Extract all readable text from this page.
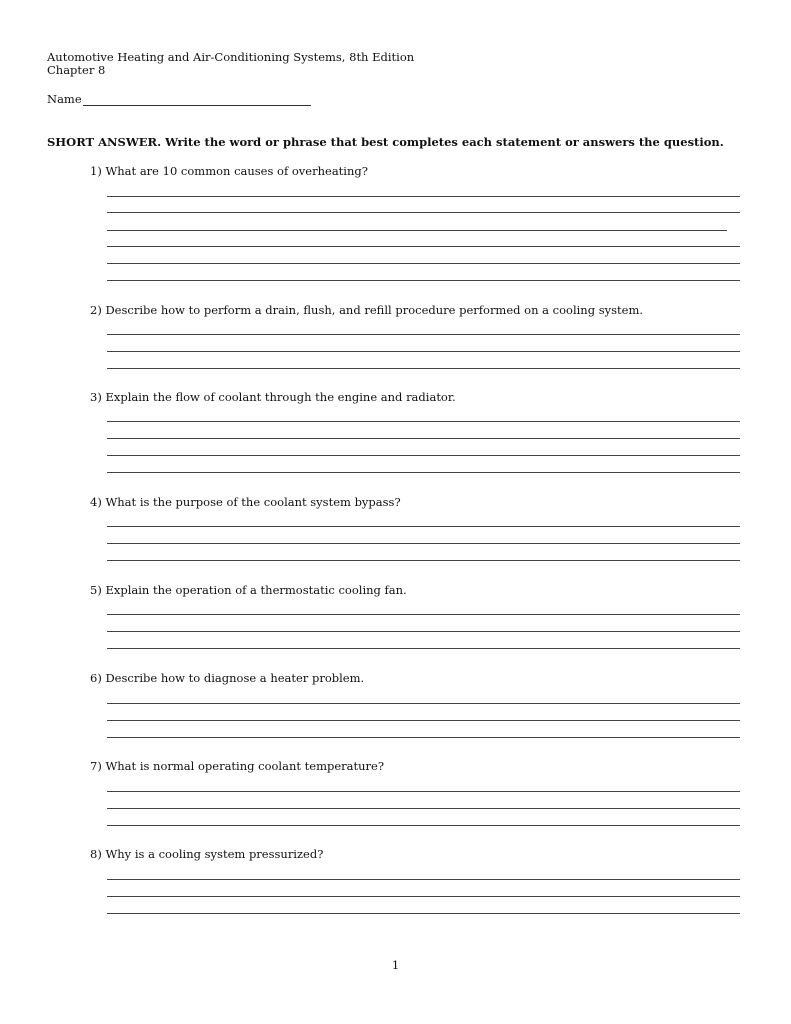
Automotive Heating and Air-Conditioning Systems, 8th Edition
Chapter 8
Name
SHORT ANSWER. Write the word or phrase that best completes each statement or answers the question.
1) What are 10 common causes of overheating?
2) Describe how to perform a drain, flush, and refill procedure performed on a cooling system.
3) Explain the flow of coolant through the engine and radiator.
4) What is the purpose of the coolant system bypass?
5) Explain the operation of a thermostatic cooling fan.
6) Describe how to diagnose a heater problem.
7) What is normal operating coolant temperature?
8) Why is a cooling system pressurized?
1
